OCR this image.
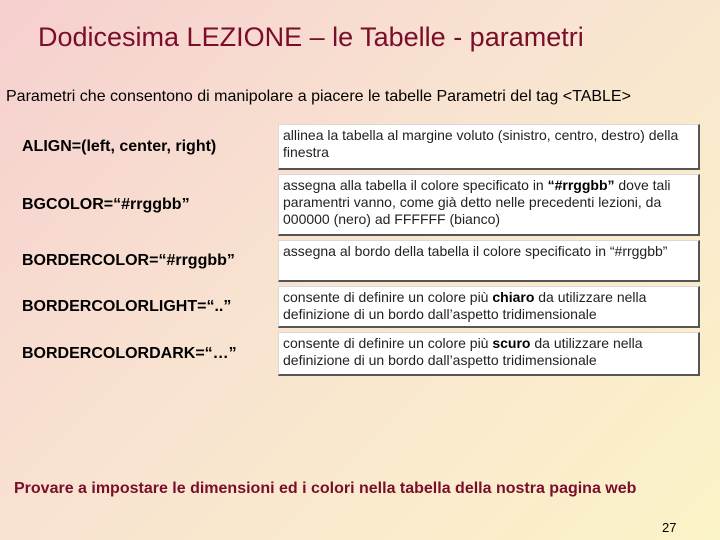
Dodicesima LEZIONE – le Tabelle - parametri
Parametri che consentono di manipolare a piacere le tabelle Parametri del tag <TABLE>
ALIGN=(left, center, right)
allinea la tabella al margine voluto (sinistro, centro, destro) della finestra
BGCOLOR=“#rrggbb”
assegna alla tabella il colore specificato in “#rrggbb” dove tali paramentri vanno, come già detto nelle precedenti lezioni, da 000000 (nero) ad FFFFFF (bianco)
BORDERCOLOR=“#rrggbb”
assegna al bordo della tabella il colore specificato in “#rrggbb”
BORDERCOLORLIGHT=“..”
consente di definire un colore più chiaro da utilizzare nella definizione di un bordo dall’aspetto tridimensionale
BORDERCOLORDARK=“…”
consente di definire un colore più scuro da utilizzare nella definizione di un bordo dall’aspetto tridimensionale
Provare a impostare le dimensioni ed i colori nella tabella della nostra pagina web
27
